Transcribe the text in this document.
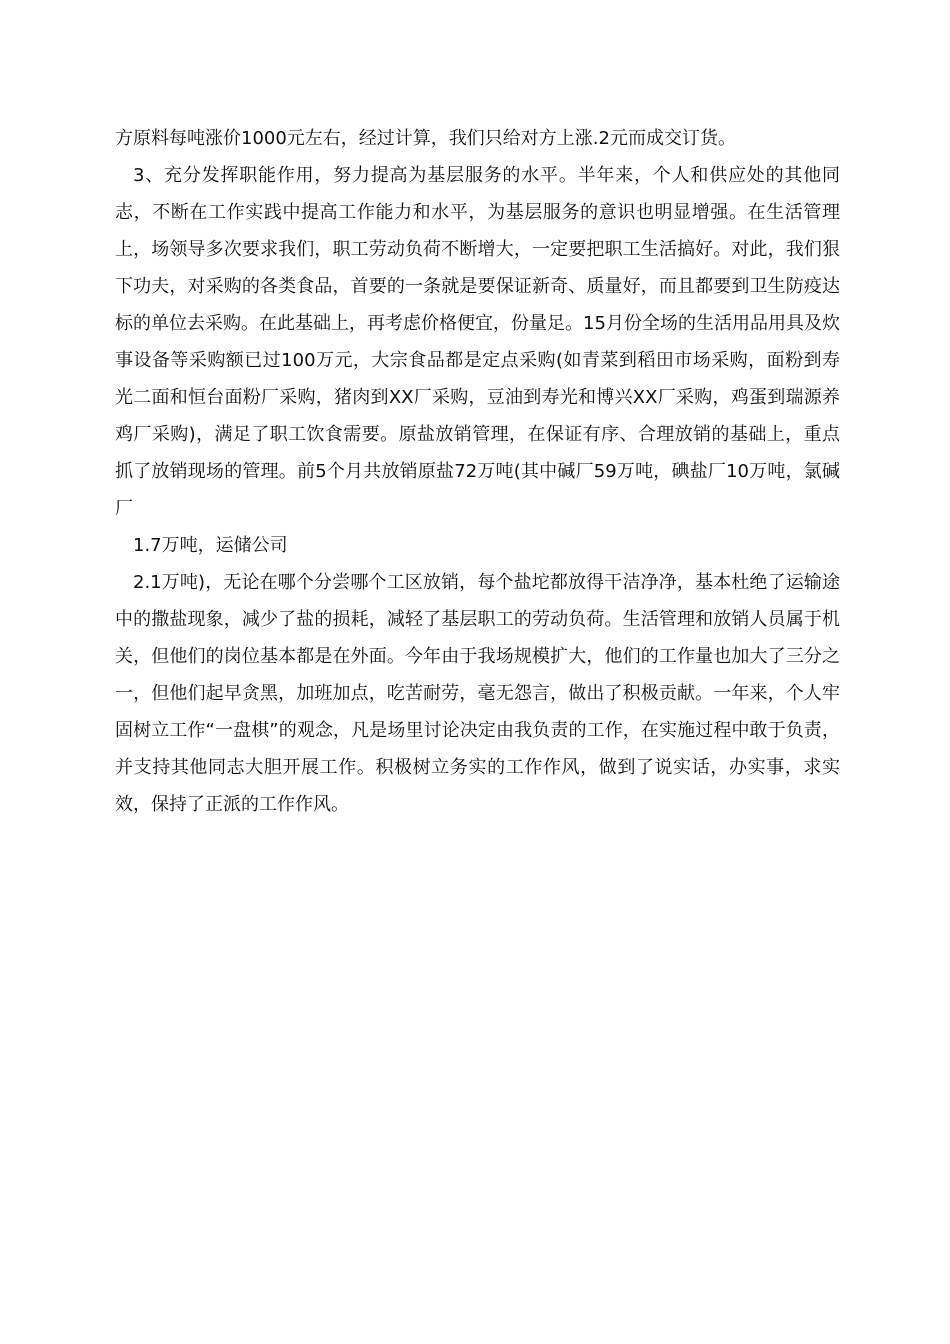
方原料每吨涨价1000元左右，经过计算，我们只给对方上涨.2元而成交订货。

3、充分发挥职能作用，努力提高为基层服务的水平。半年来，个人和供应处的其他同志，不断在工作实践中提高工作能力和水平，为基层服务的意识也明显增强。在生活管理上，场领导多次要求我们，职工劳动负荷不断增大，一定要把职工生活搞好。对此，我们狠下功夫，对采购的各类食品，首要的一条就是要保证新奇、质量好，而且都要到卫生防疫达标的单位去采购。在此基础上，再考虑价格便宜，份量足。15月份全场的生活用品用具及炊事设备等采购额已过100万元，大宗食品都是定点采购(如青菜到稻田市场采购，面粉到寿光二面和恒台面粉厂采购，猪肉到XX厂采购，豆油到寿光和博兴XX厂采购，鸡蛋到瑞源养鸡厂采购)，满足了职工饮食需要。原盐放销管理，在保证有序、合理放销的基础上，重点抓了放销现场的管理。前5个月共放销原盐72万吨(其中碱厂59万吨，碘盐厂10万吨，氯碱厂

1.7万吨，运储公司

2.1万吨)，无论在哪个分尝哪个工区放销，每个盐坨都放得干洁净净，基本杜绝了运输途中的撒盐现象，减少了盐的损耗，减轻了基层职工的劳动负荷。生活管理和放销人员属于机关，但他们的岗位基本都是在外面。今年由于我场规模扩大，他们的工作量也加大了三分之一，但他们起早贪黑，加班加点，吃苦耐劳，毫无怨言，做出了积极贡献。一年来，个人牢固树立工作“一盘棋”的观念，凡是场里讨论决定由我负责的工作，在实施过程中敢于负责，并支持其他同志大胆开展工作。积极树立务实的工作作风，做到了说实话，办实事，求实效，保持了正派的工作作风。
